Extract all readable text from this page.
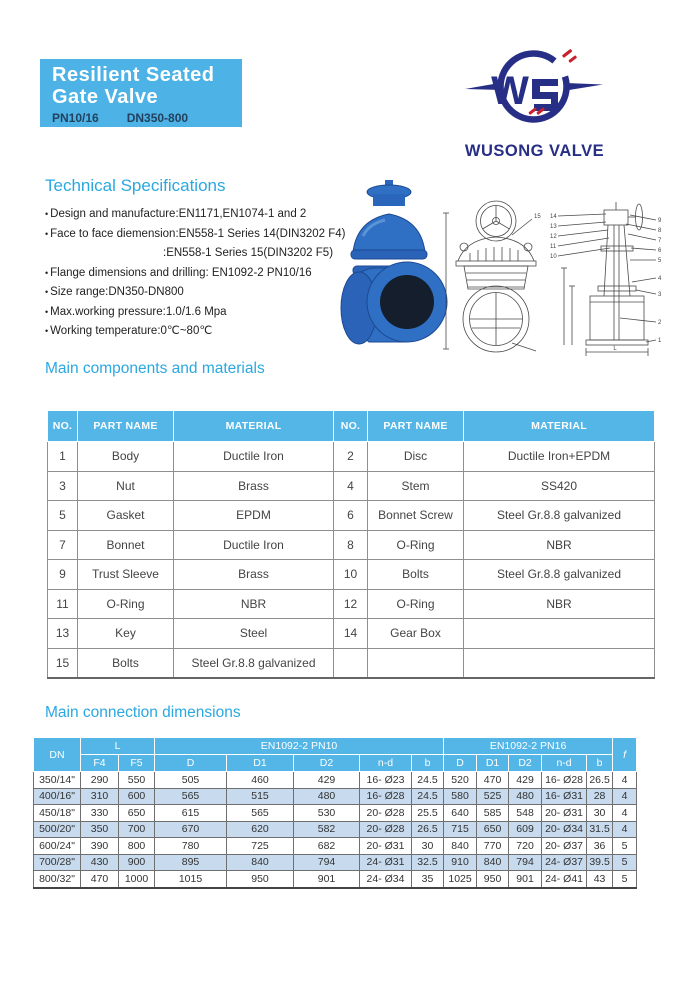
Resilient Seated
Gate Valve
PN10/16 DN350-800
W
WUSONG VALVE
Technical Specifications
• Design and manufacture:EN1171,EN1074-1 and 2
• Face to face diemension:EN558-1 Series 14(DIN3202 F4)
:EN558-1 Series 15(DIN3202 F5)
• Flange dimensions and drilling: EN1092-2 PN10/16
• Size range:DN350-DN800
• Max.working pressure:1.0/1.6 Mpa
• Working temperature:0℃~80℃
15
L
14
13
12
11
10
9
8
7
6
5
4
3
2
1
Main components and materials
NO.	PART NAME	MATERIAL	NO.	PART NAME	MATERIAL
1	Body	Ductile Iron	2	Disc	Ductile Iron+EPDM
3	Nut	Brass	4	Stem	SS420
5	Gasket	EPDM	6	Bonnet Screw	Steel Gr.8.8 galvanized
7	Bonnet	Ductile Iron	8	O-Ring	NBR
9	Trust Sleeve	Brass	10	Bolts	Steel Gr.8.8 galvanized
11	O-Ring	NBR	12	O-Ring	NBR
13	Key	Steel	14	Gear Box	
15	Bolts	Steel Gr.8.8 galvanized			
Main connection dimensions
DN	L		EN1092-2 PN10					EN1092-2 PN16					f
	F4	F5	D	D1	D2	n-d	b	D	D1	D2	n-d	b	
350/14"	290	550	505	460	429	16- Ø23	24.5	520	470	429	16- Ø28	26.5	4
400/16"	310	600	565	515	480	16- Ø28	24.5	580	525	480	16- Ø31	28	4
450/18"	330	650	615	565	530	20- Ø28	25.5	640	585	548	20- Ø31	30	4
500/20"	350	700	670	620	582	20- Ø28	26.5	715	650	609	20- Ø34	31.5	4
600/24"	390	800	780	725	682	20- Ø31	30	840	770	720	20- Ø37	36	5
700/28"	430	900	895	840	794	24- Ø31	32.5	910	840	794	24- Ø37	39.5	5
800/32"	470	1000	1015	950	901	24- Ø34	35	1025	950	901	24- Ø41	43	5
